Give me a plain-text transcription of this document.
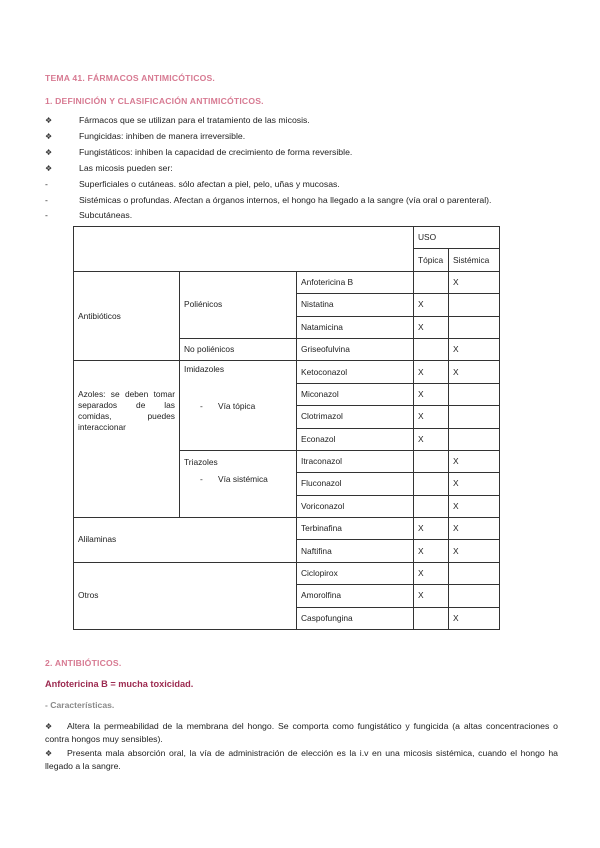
TEMA 41. FÁRMACOS ANTIMICÓTICOS.
1. DEFINICIÓN Y CLASIFICACIÓN ANTIMICÓTICOS.
❖	Fármacos que se utilizan para el tratamiento de las micosis.
❖	Fungicidas: inhiben de manera irreversible.
❖	Fungistáticos: inhiben la capacidad de crecimiento de forma reversible.
❖	Las micosis pueden ser:
-	Superficiales o cutáneas. sólo afectan a piel, pelo, uñas y mucosas.
-	Sistémicas o profundas. Afectan a órganos internos, el hongo ha llegado a la sangre (vía oral o parenteral).
-	Subcutáneas.
			USO	
			Tópica	Sistémica
Antibióticos	Poliénicos	Anfotericina B		X
		Nistatina	X	
		Natamicina	X	
	No poliénicos	Griseofulvina		X
Azoles: se deben tomar separados de las comidas, puedes interaccionar	Imidazoles
- Vía tópica	Ketoconazol	X	X
		Miconazol	X	
		Clotrimazol	X	
		Econazol	X	
	Triazoles
- Vía sistémica	Itraconazol		X
		Fluconazol		X
		Voriconazol		X
Alilaminas		Terbinafina	X	X
		Naftifina	X	X
Otros		Ciclopirox	X	
		Amorolfina	X	
		Caspofungina		X
2. ANTIBIÓTICOS.
Anfotericina B = mucha toxicidad.
- Características.
❖ Altera la permeabilidad de la membrana del hongo. Se comporta como fungistático y fungicida (a altas concentraciones o contra hongos muy sensibles).
❖ Presenta mala absorción oral, la vía de administración de elección es la i.v en una micosis sistémica, cuando el hongo ha llegado a la sangre.
